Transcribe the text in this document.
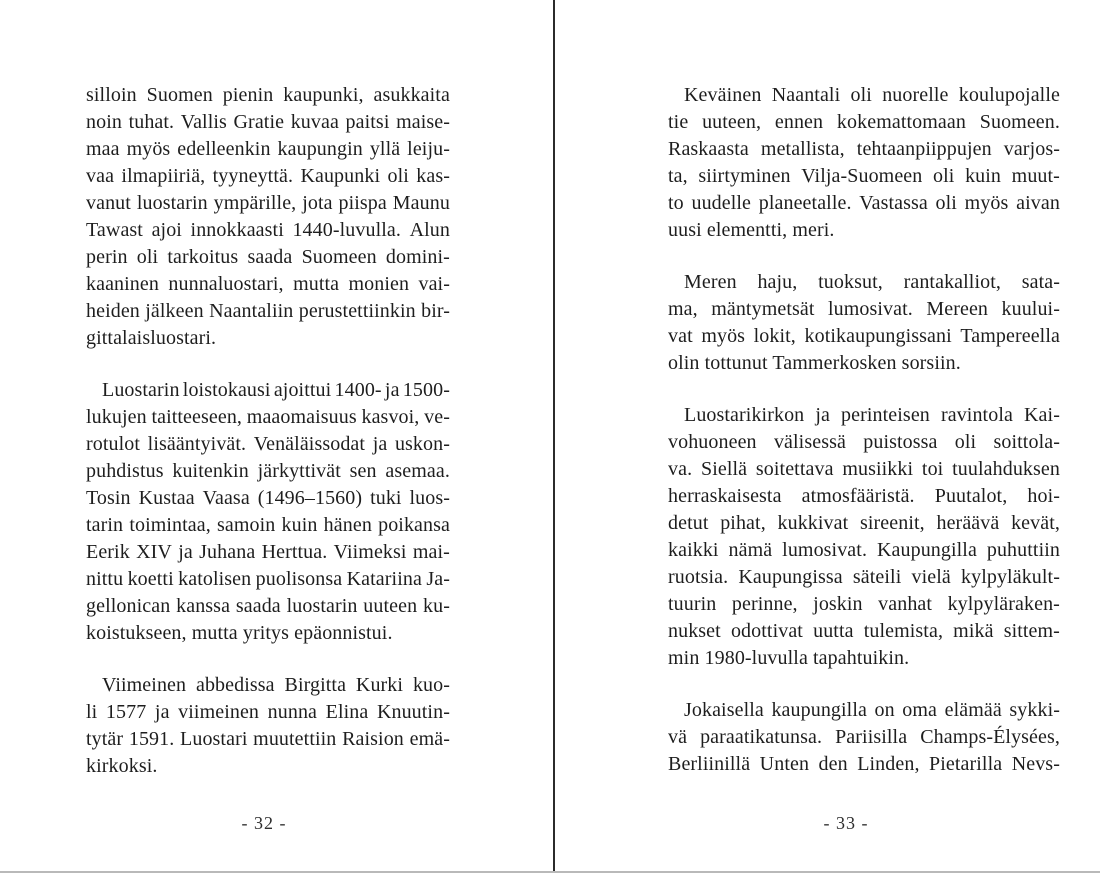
silloin Suomen pienin kaupunki, asukkaita
noin tuhat. Vallis Gratie kuvaa paitsi maise-
maa myös edelleenkin kaupungin yllä leiju-
vaa ilmapiiriä, tyyneyttä. Kaupunki oli kas-
vanut luostarin ympärille, jota piispa Maunu
Tawast ajoi innokkaasti 1440-luvulla. Alun
perin oli tarkoitus saada Suomeen domini-
kaaninen nunnaluostari, mutta monien vai-
heiden jälkeen Naantaliin perustettiinkin bir-
gittalaisluostari.
Luostarin loistokausi ajoittui 1400- ja 1500-
lukujen taitteeseen, maaomaisuus kasvoi, ve-
rotulot lisääntyivät. Venäläissodat ja uskon-
puhdistus kuitenkin järkyttivät sen asemaa.
Tosin Kustaa Vaasa (1496–1560) tuki luos-
tarin toimintaa, samoin kuin hänen poikansa
Eerik XIV ja Juhana Herttua. Viimeksi mai-
nittu koetti katolisen puolisonsa Katariina Ja-
gellonican kanssa saada luostarin uuteen ku-
koistukseen, mutta yritys epäonnistui.
Viimeinen abbedissa Birgitta Kurki kuo-
li 1577 ja viimeinen nunna Elina Knuutin-
tytär 1591. Luostari muutettiin Raision emä-
kirkoksi.
Keväinen Naantali oli nuorelle koulupojalle
tie uuteen, ennen kokemattomaan Suomeen.
Raskaasta metallista, tehtaanpiippujen varjos-
ta, siirtyminen Vilja-Suomeen oli kuin muut-
to uudelle planeetalle. Vastassa oli myös aivan
uusi elementti, meri.
Meren haju, tuoksut, rantakalliot, sata-
ma, mäntymetsät lumosivat. Mereen kuului-
vat myös lokit, kotikaupungissani Tampereella
olin tottunut Tammerkosken sorsiin.
Luostarikirkon ja perinteisen ravintola Kai-
vohuoneen välisessä puistossa oli soittola-
va. Siellä soitettava musiikki toi tuulahduksen
herraskaisesta atmosfääristä. Puutalot, hoi-
detut pihat, kukkivat sireenit, heräävä kevät,
kaikki nämä lumosivat. Kaupungilla puhuttiin
ruotsia. Kaupungissa säteili vielä kylpyläkult-
tuurin perinne, joskin vanhat kylpyläraken-
nukset odottivat uutta tulemista, mikä sittem-
min 1980-luvulla tapahtuikin.
Jokaisella kaupungilla on oma elämää sykki-
vä paraatikatunsa. Pariisilla Champs-Élysées,
Berliinillä Unten den Linden, Pietarilla Nevs-
- 32 -	- 33 -
